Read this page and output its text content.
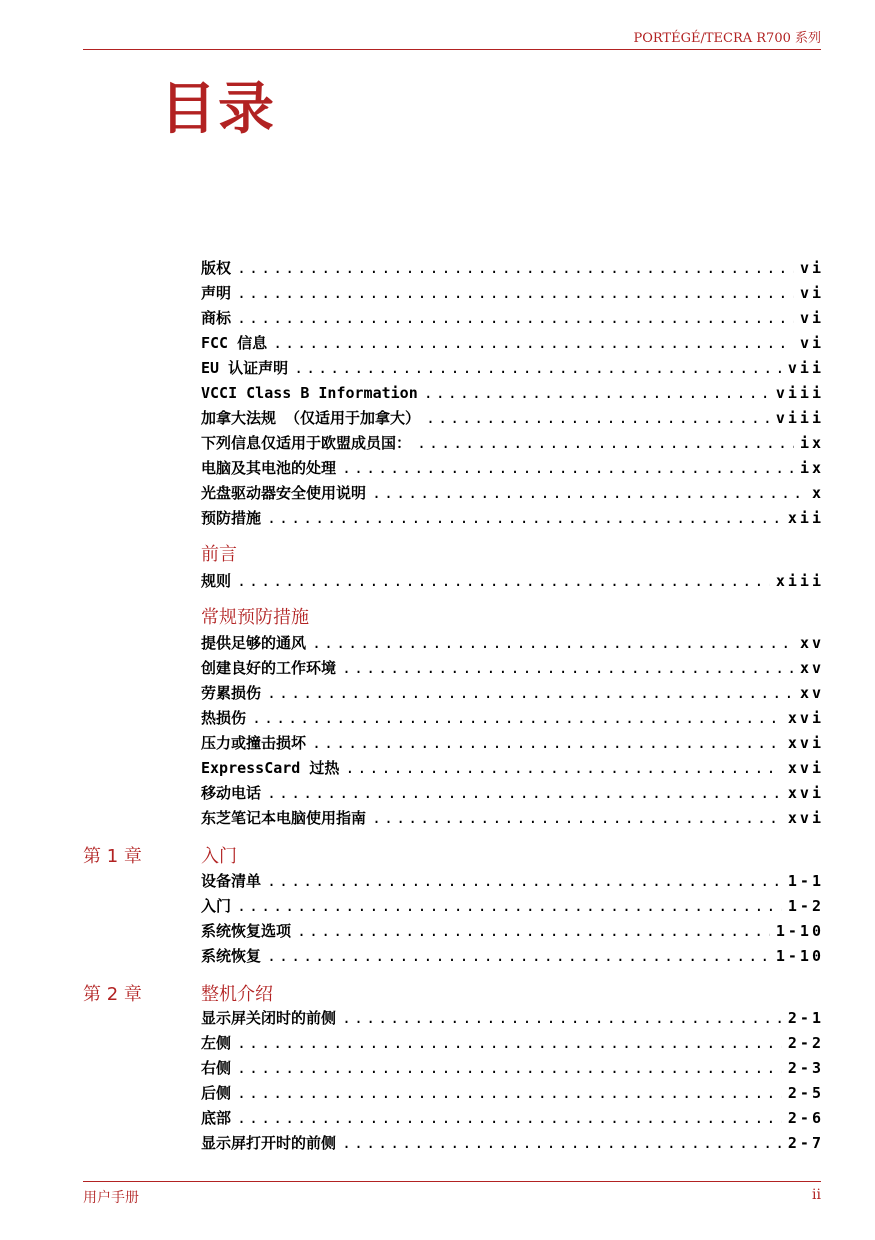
PORTÉGÉ/TECRA R700 系列
目录
版权 .....	vi
声明 .....	vi
商标 .....	vi
FCC 信息 .....	vi
EU 认证声明 .....	vii
VCCI Class B Information .....	viii
加拿大法规 （仅适用于加拿大） .....	viii
下列信息仅适用于欧盟成员国： .....	ix
电脑及其电池的处理 .....	ix
光盘驱动器安全使用说明 .....	x
预防措施 .....	xii
前言
规则 .....	xiii
常规预防措施
提供足够的通风 .....	xv
创建良好的工作环境 .....	xv
劳累损伤 .....	xv
热损伤 .....	xvi
压力或撞击损坏 .....	xvi
ExpressCard 过热 .....	xvi
移动电话 .....	xvi
东芝笔记本电脑使用指南 .....	xvi
第 1 章	入门
设备清单 .....	1-1
入门 .....	1-2
系统恢复选项 .....	1-10
系统恢复 .....	1-10
第 2 章	整机介绍
显示屏关闭时的前侧 .....	2-1
左侧 .....	2-2
右侧 .....	2-3
后侧 .....	2-5
底部 .....	2-6
显示屏打开时的前侧 .....	2-7
用户手册	ii
